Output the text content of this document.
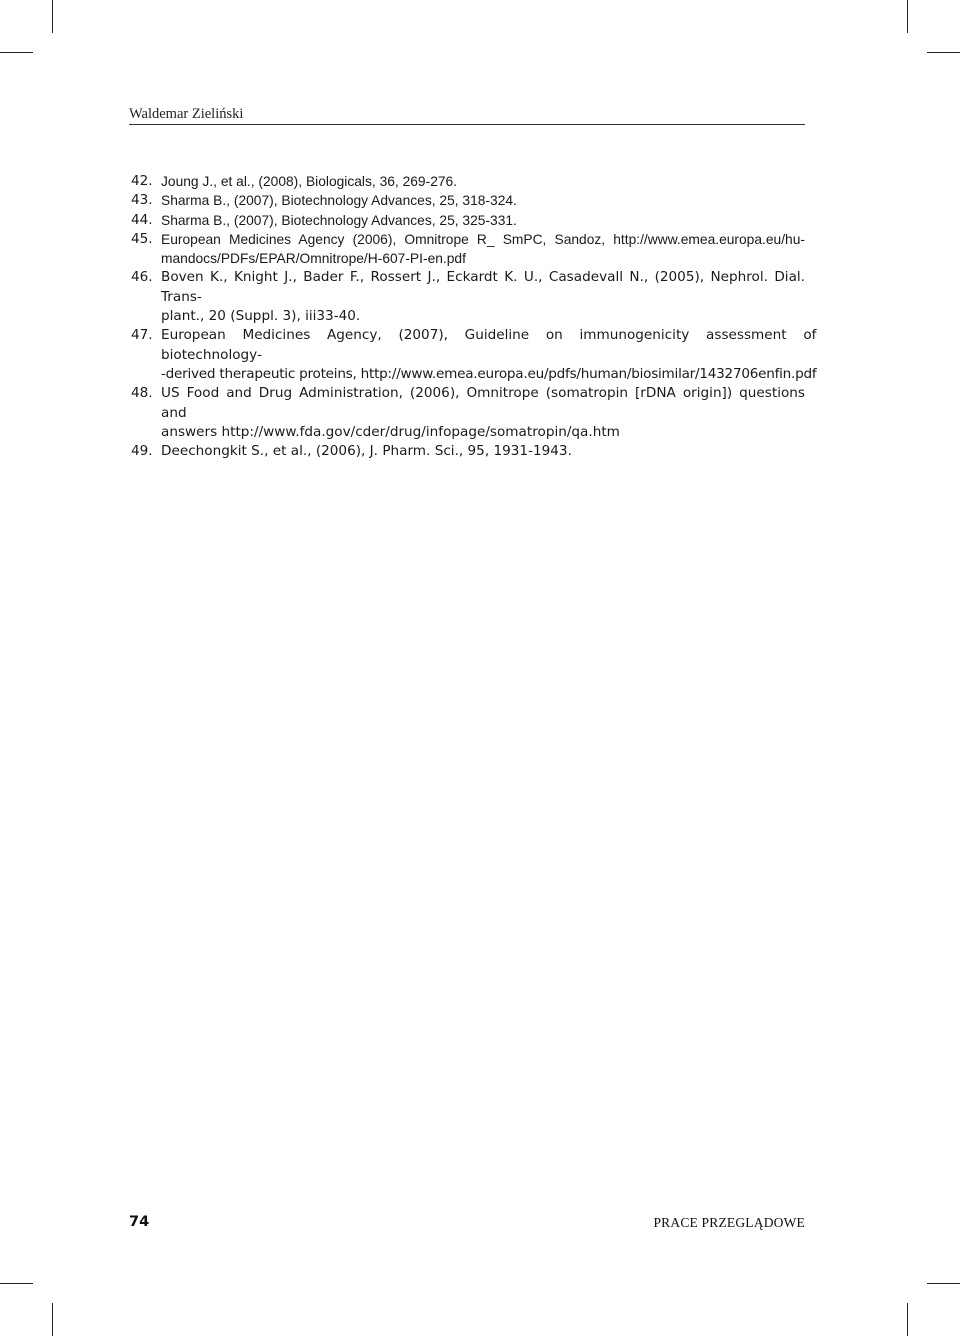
Waldemar Zieliński
42. Joung J., et al., (2008), Biologicals, 36, 269-276.
43. Sharma B., (2007), Biotechnology Advances, 25, 318-324.
44. Sharma B., (2007), Biotechnology Advances, 25, 325-331.
45. European Medicines Agency (2006), Omnitrope R_ SmPC, Sandoz, http://www.emea.europa.eu/hu-
mandocs/PDFs/EPAR/Omnitrope/H-607-PI-en.pdf
46. Boven K., Knight J., Bader F., Rossert J., Eckardt K. U., Casadevall N., (2005), Nephrol. Dial. Trans-
plant., 20 (Suppl. 3), iii33-40.
47. European Medicines Agency, (2007), Guideline on immunogenicity assessment of biotechnology-
-derived therapeutic proteins, http://www.emea.europa.eu/pdfs/human/biosimilar/1432706enfin.pdf
48. US Food and Drug Administration, (2006), Omnitrope (somatropin [rDNA origin]) questions and
answers http://www.fda.gov/cder/drug/infopage/somatropin/qa.htm
49. Deechongkit S., et al., (2006), J. Pharm. Sci., 95, 1931-1943.
74	PRACE PRZEGLĄDOWE
